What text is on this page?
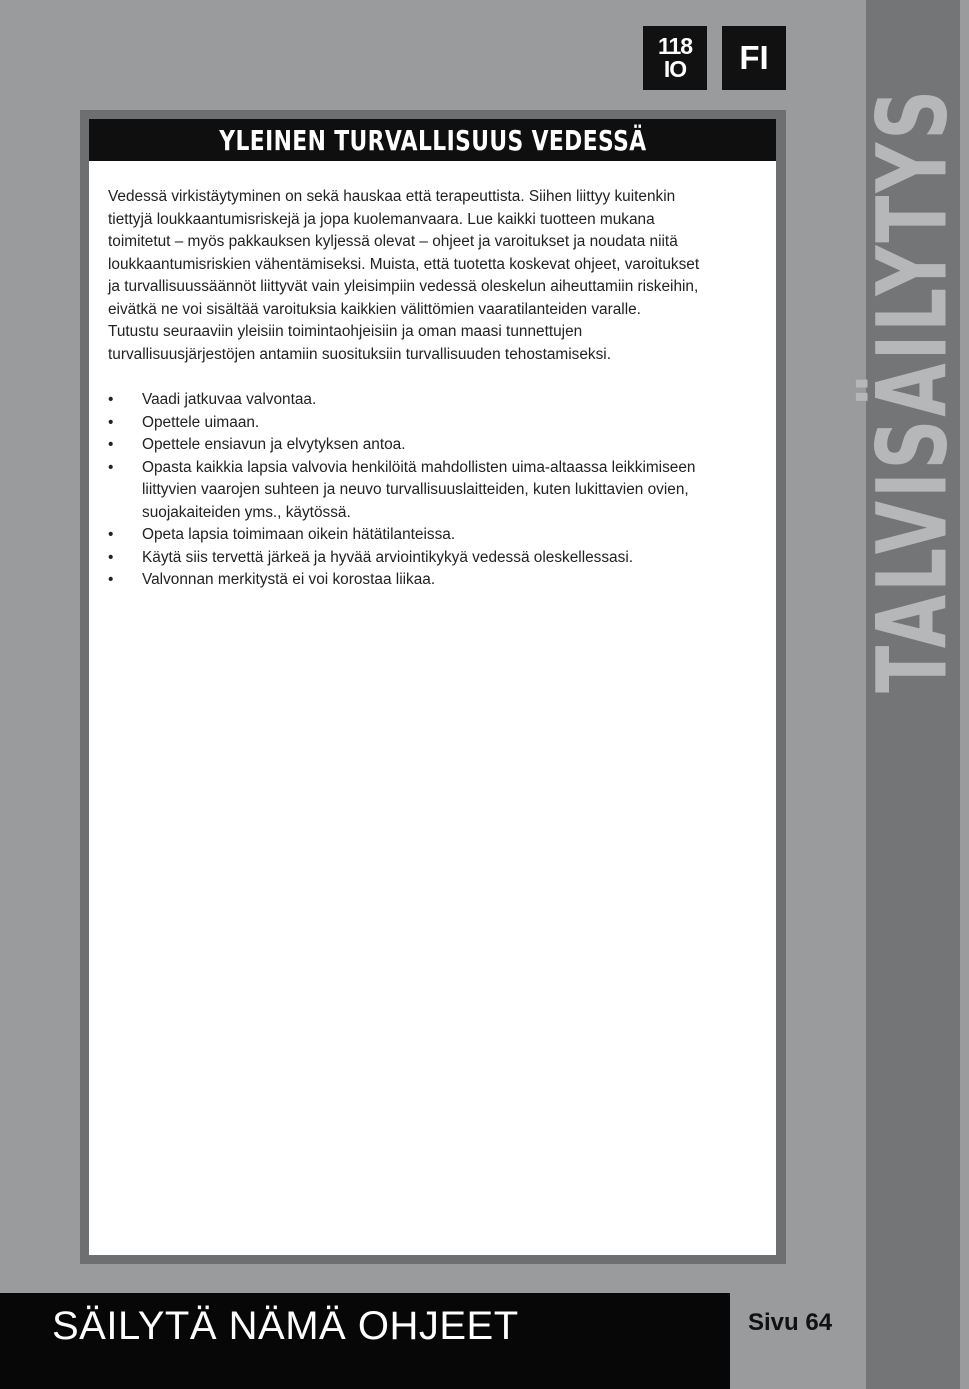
TALVISÄILYTYS
118
IO FI
YLEINEN TURVALLISUUS VEDESSÄ

Vedessä virkistäytyminen on sekä hauskaa että terapeuttista. Siihen liittyy kuitenkin
tiettyjä loukkaantumisriskejä ja jopa kuolemanvaara. Lue kaikki tuotteen mukana
toimitetut – myös pakkauksen kyljessä olevat – ohjeet ja varoitukset ja noudata niitä
loukkaantumisriskien vähentämiseksi. Muista, että tuotetta koskevat ohjeet, varoitukset
ja turvallisuussäännöt liittyvät vain yleisimpiin vedessä oleskelun aiheuttamiin riskeihin,
eivätkä ne voi sisältää varoituksia kaikkien välittömien vaaratilanteiden varalle.
Tutustu seuraaviin yleisiin toimintaohjeisiin ja oman maasi tunnettujen
turvallisuusjärjestöjen antamiin suosituksiin turvallisuuden tehostamiseksi.

• Vaadi jatkuvaa valvontaa.
• Opettele uimaan.
• Opettele ensiavun ja elvytyksen antoa.
• Opasta kaikkia lapsia valvovia henkilöitä mahdollisten uima-altaassa leikkimiseen
liittyvien vaarojen suhteen ja neuvo turvallisuuslaitteiden, kuten lukittavien ovien,
suojakaiteiden yms., käytössä.
• Opeta lapsia toimimaan oikein hätätilanteissa.
• Käytä siis tervettä järkeä ja hyvää arviointikykyä vedessä oleskellessasi.
• Valvonnan merkitystä ei voi korostaa liikaa.
SÄILYTÄ NÄMÄ OHJEET	Sivu 64
